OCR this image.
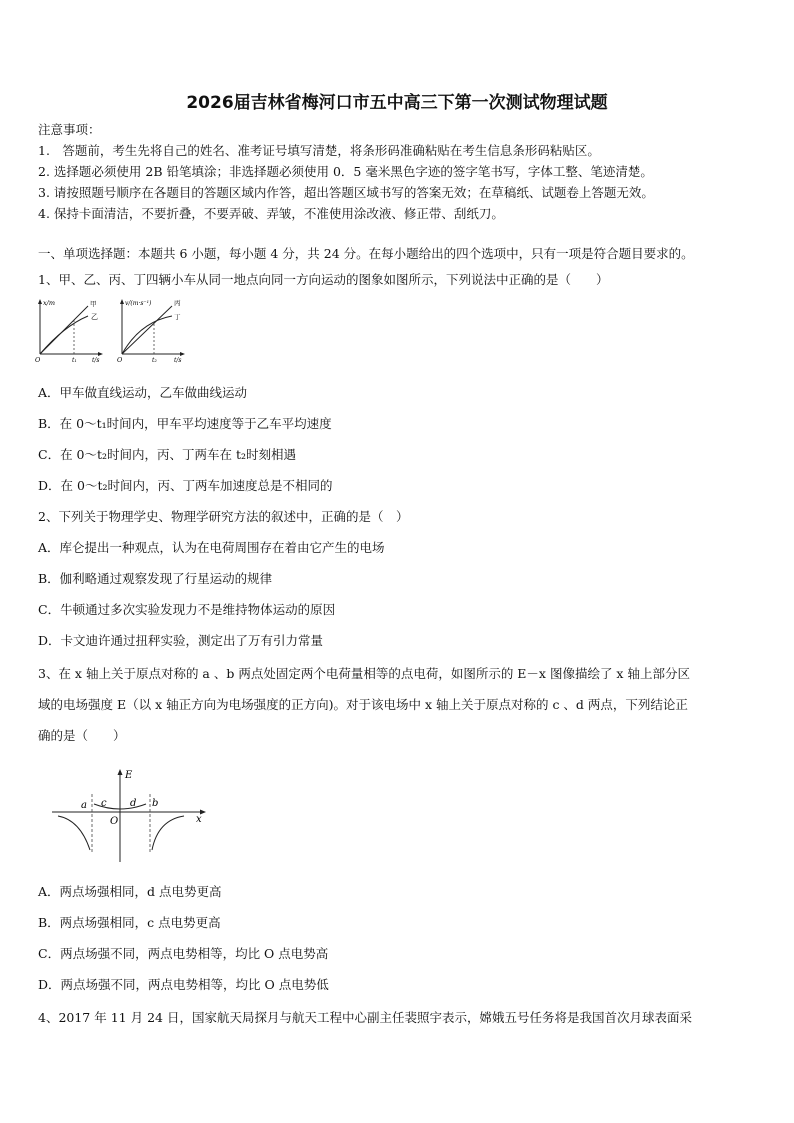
2026届吉林省梅河口市五中高三下第一次测试物理试题
注意事项：
1.　答题前，考生先将自己的姓名、准考证号填写清楚，将条形码准确粘贴在考生信息条形码粘贴区。
2. 选择题必须使用 2B 铅笔填涂；非选择题必须使用 0．5 毫米黑色字迹的签字笔书写，字体工整、笔迹清楚。
3. 请按照题号顺序在各题目的答题区域内作答，超出答题区域书写的答案无效；在草稿纸、试题卷上答题无效。
4. 保持卡面清洁，不要折叠，不要弄破、弄皱，不准使用涂改液、修正带、刮纸刀。
一、单项选择题：本题共 6 小题，每小题 4 分，共 24 分。在每小题给出的四个选项中，只有一项是符合题目要求的。
1、甲、乙、丙、丁四辆小车从同一地点向同一方向运动的图象如图所示，下列说法中正确的是（　　）
x/m	甲
乙
O	t₁	t/s
v/(m·s⁻¹)	丙
丁
O	t₂	t/s
A．甲车做直线运动，乙车做曲线运动
B．在 0～t₁时间内，甲车平均速度等于乙车平均速度
C．在 0～t₂时间内，丙、丁两车在 t₂时刻相遇
D．在 0～t₂时间内，丙、丁两车加速度总是不相同的
2、下列关于物理学史、物理学研究方法的叙述中，正确的是（　）
A．库仑提出一种观点，认为在电荷周围存在着由它产生的电场
B．伽利略通过观察发现了行星运动的规律
C．牛顿通过多次实验发现力不是维持物体运动的原因
D．卡文迪许通过扭秤实验，测定出了万有引力常量
3、在 x 轴上关于原点对称的 a 、b 两点处固定两个电荷量相等的点电荷，如图所示的 E－x 图像描绘了 x 轴上部分区
域的电场强度 E（以 x 轴正方向为电场强度的正方向)。对于该电场中 x 轴上关于原点对称的 c 、d 两点，下列结论正
确的是（　　）
E
a c d b
O	x
A．两点场强相同，d 点电势更高
B．两点场强相同，c 点电势更高
C．两点场强不同，两点电势相等，均比 O 点电势高
D．两点场强不同，两点电势相等，均比 O 点电势低
4、2017 年 11 月 24 日，国家航天局探月与航天工程中心副主任裴照宇表示，嫦娥五号任务将是我国首次月球表面采
